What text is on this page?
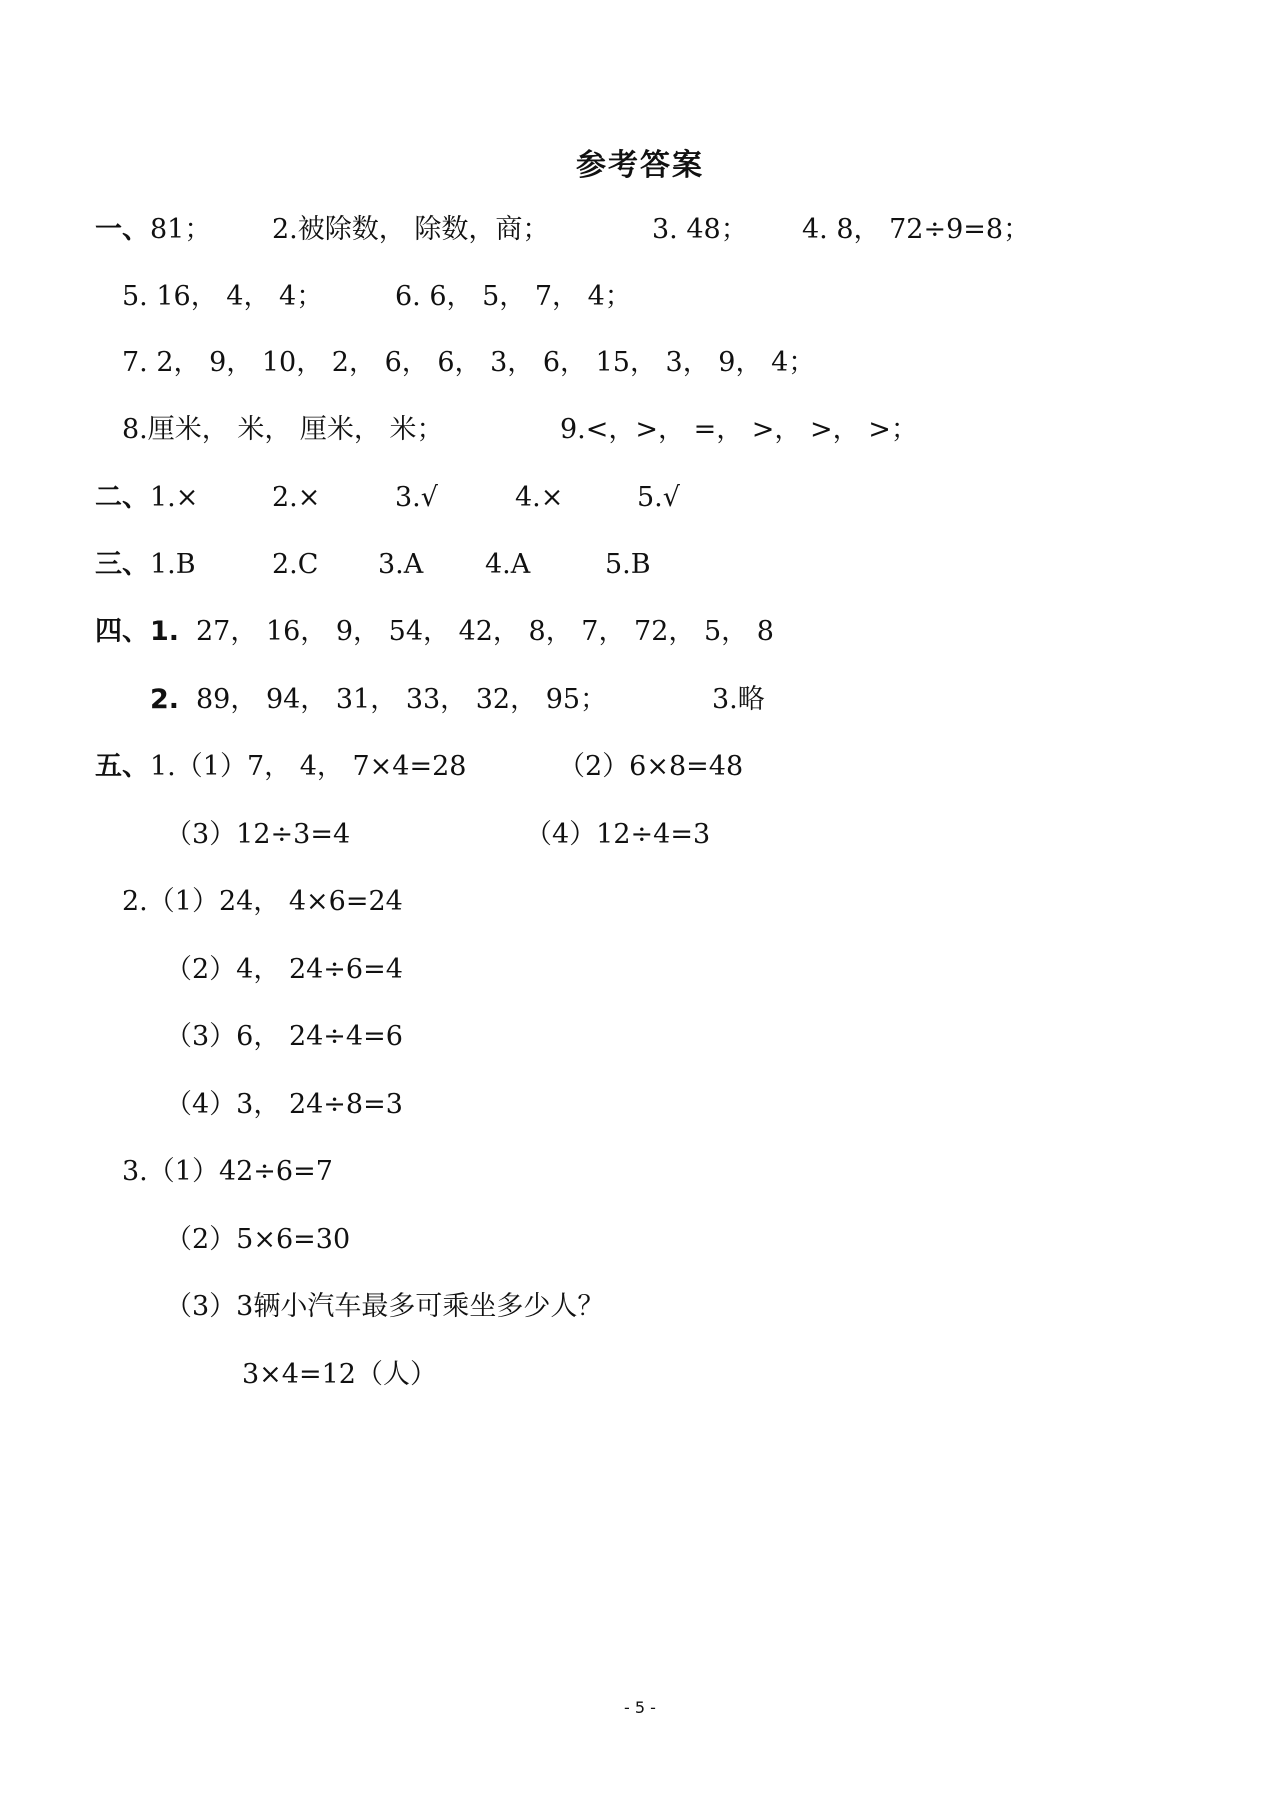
参考答案
一、 81； 2.被除数， 除数，商；	3. 48； 4. 8， 72÷9=8；
5. 16， 4， 4；	6. 6， 5， 7， 4；
7. 2， 9， 10， 2， 6， 6， 3， 6， 15， 3， 9， 4；
8.厘米， 米， 厘米， 米；	9.<，>， =， >， >， >；
二、 1.×	2.×	3.√	4.×	5.√
三、 1.B	2.C 3.A 4.A	5.B
四、 1. 27， 16， 9， 54， 42， 8， 7， 72， 5， 8
2. 89， 94， 31， 33， 32， 95；	3.略
五、 1.（1）7， 4， 7×4=28	（2）6×8=48
（3）12÷3=4	（4）12÷4=3
2.（1）24， 4×6=24
（2）4， 24÷6=4
（3）6， 24÷4=6
（4）3， 24÷8=3
3.（1）42÷6=7
（2）5×6=30
（3）3辆小汽车最多可乘坐多少人？
3×4=12（人）
- 5 -
